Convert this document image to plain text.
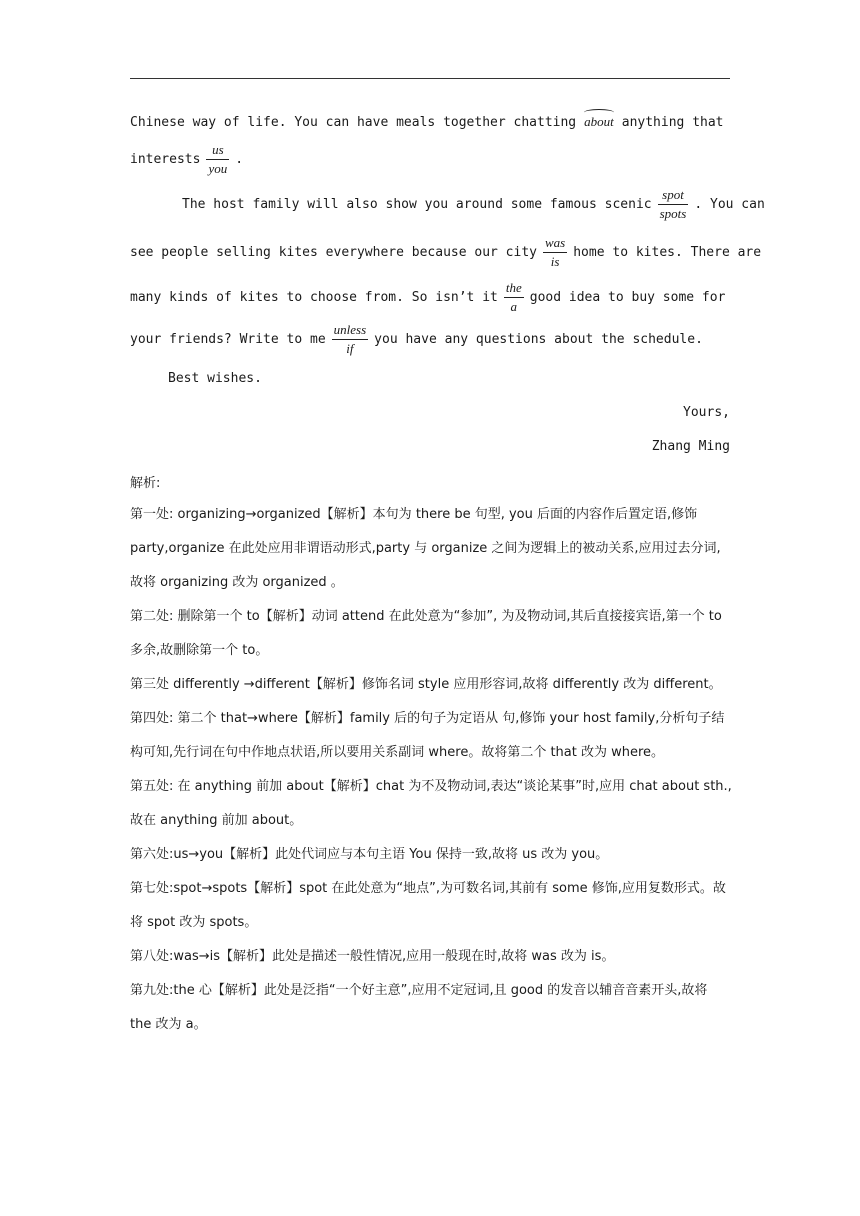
Chinese way of life. You can have meals together chatting about anything that
interests $\frac{us}{\text{you}}$ .
The host family will also show you around some famous scenic $\frac{\text{spot}}{\text{spots}}$ . You can
see people selling kites everywhere because our city $\frac{\text{was}}{is}$ home to kites. There are
many kinds of kites to choose from. So isn’t it $\frac{\text{the}}{a}$ good idea to buy some for
your friends? Write to me $\frac{\text{unless}}{if}$ you have any questions about the schedule.
Best wishes.
Yours,
Zhang Ming
解析:

第一处: organizing→organized【解析】本句为 there be 句型, you 后面的内容作后置定语,修饰 party,organize 在此处应用非谓语动形式,party 与 organize 之间为逻辑上的被动关系,应用过去分词,故将 organizing 改为 organized 。

第二处: 删除第一个 to【解析】动词 attend 在此处意为“参加”, 为及物动词,其后直接接宾语,第一个 to 多余,故删除第一个 to。

第三处 differently →different【解析】修饰名词 style 应用形容词,故将 differently 改为 different。

第四处: 第二个 that→where【解析】family 后的句子为定语从 句,修饰 your host family,分析句子结构可知,先行词在句中作地点状语,所以要用关系副词 where。故将第二个 that 改为 where。

第五处: 在 anything 前加 about【解析】chat 为不及物动词,表达“谈论某事”时,应用 chat about sth.,故在 anything 前加 about。

第六处:us→you【解析】此处代词应与本句主语 You 保持一致,故将 us 改为 you。

第七处:spot→spots【解析】spot 在此处意为“地点”,为可数名词,其前有 some 修饰,应用复数形式。故将 spot 改为 spots。

第八处:was→is【解析】此处是描述一般性情况,应用一般现在时,故将 was 改为 is。

第九处:the 心【解析】此处是泛指“一个好主意”,应用不定冠词,且 good 的发音以辅音音素开头,故将 the 改为 a。
